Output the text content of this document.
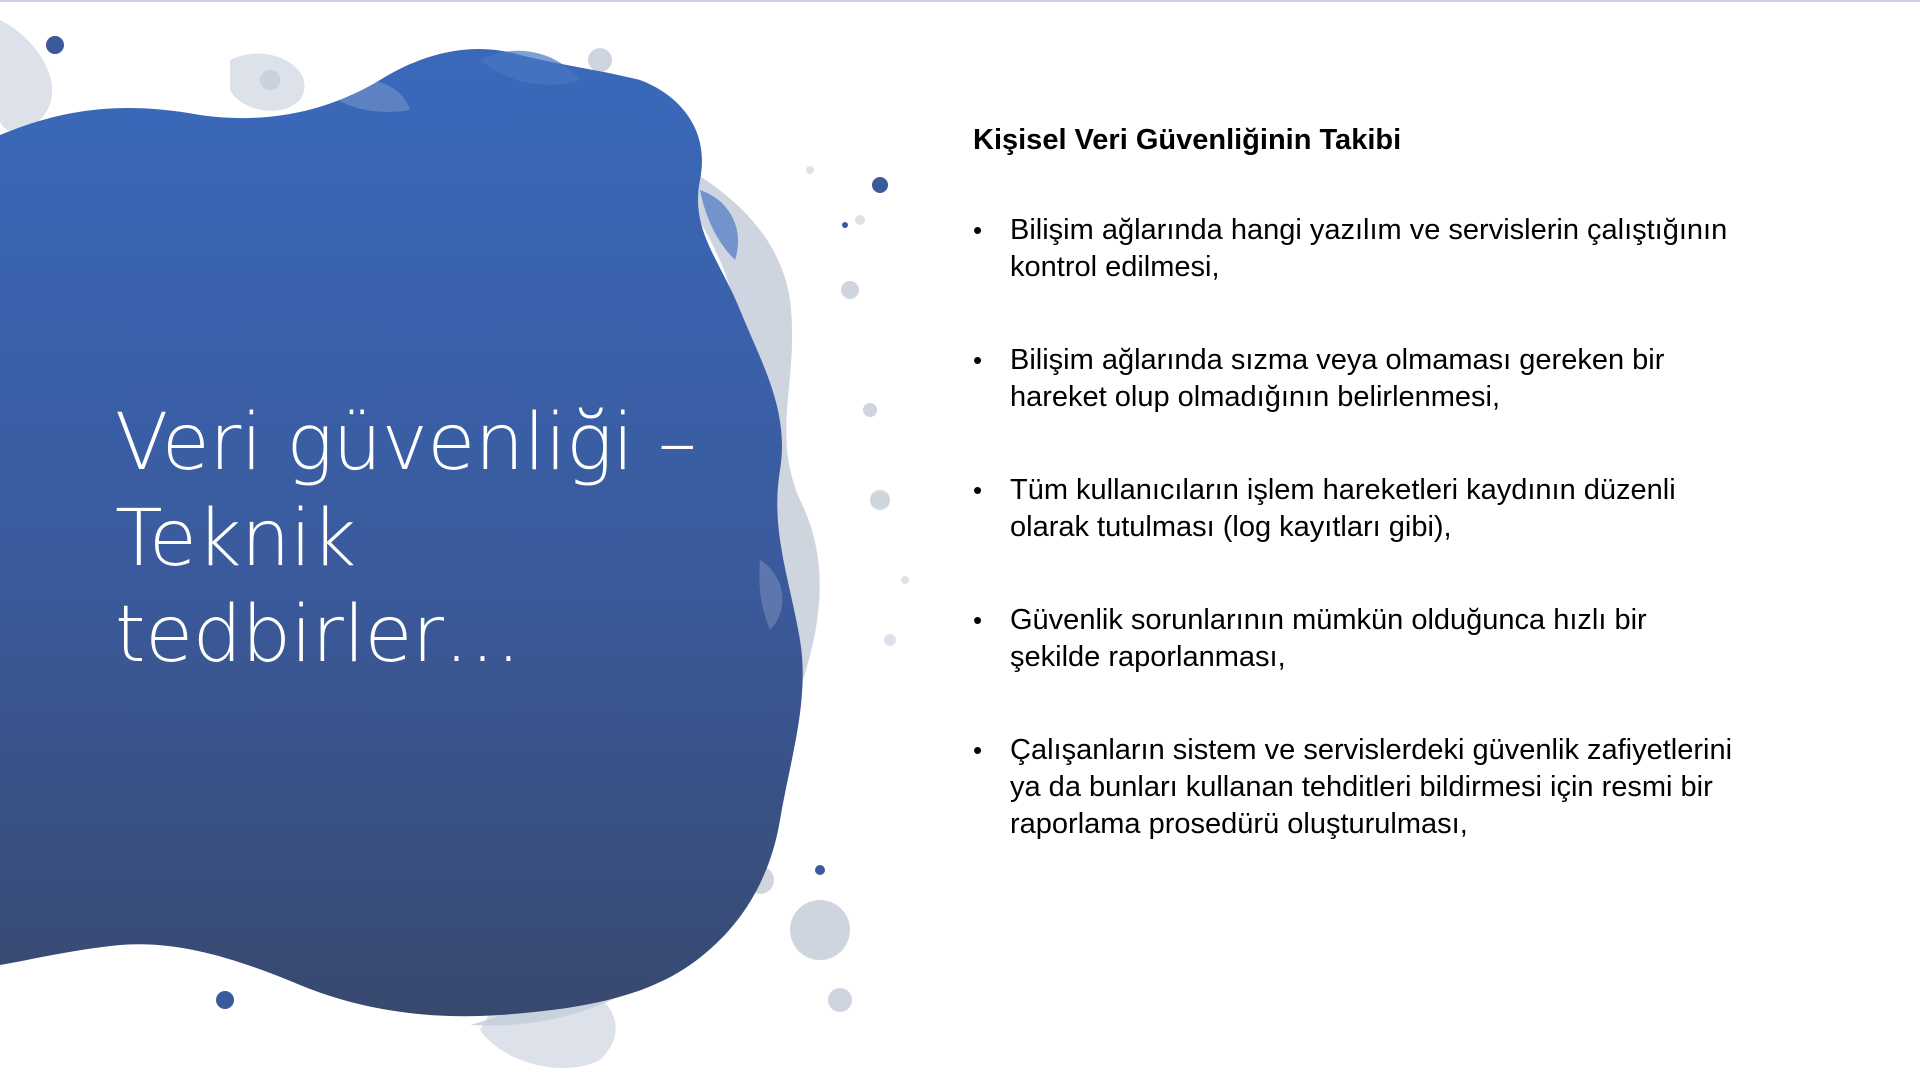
Veri güvenliği –
Teknik
tedbirler…
Kişisel Veri Güvenliğinin Takibi
• Bilişim ağlarında hangi yazılım ve servislerin çalıştığının
kontrol edilmesi,
• Bilişim ağlarında sızma veya olmaması gereken bir
hareket olup olmadığının belirlenmesi,
• Tüm kullanıcıların işlem hareketleri kaydının düzenli
olarak tutulması (log kayıtları gibi),
• Güvenlik sorunlarının mümkün olduğunca hızlı bir
şekilde raporlanması,
• Çalışanların sistem ve servislerdeki güvenlik zafiyetlerini
ya da bunları kullanan tehditleri bildirmesi için resmi bir
raporlama prosedürü oluşturulması,
